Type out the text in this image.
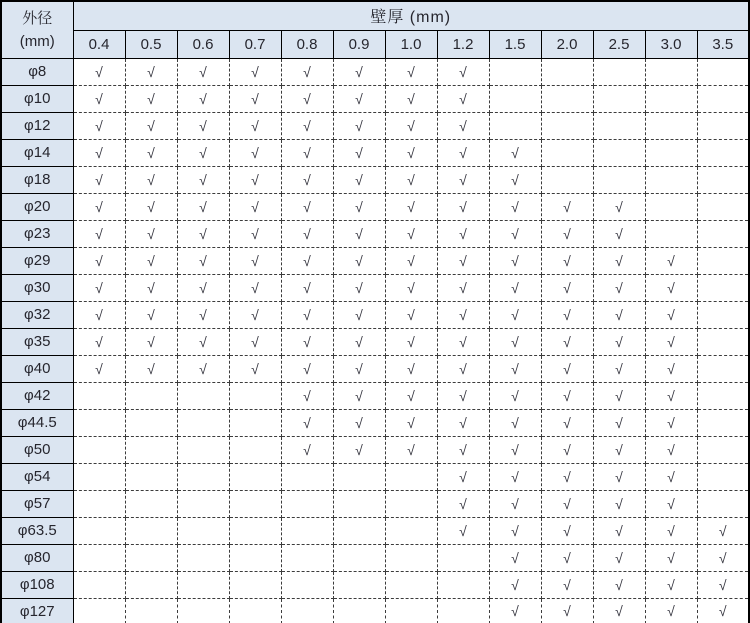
外径
(mm)	壁厚 (mm)												
	0.4	0.5	0.6	0.7	0.8	0.9	1.0	1.2	1.5	2.0	2.5	3.0	3.5
φ8	√	√	√	√	√	√	√	√					
φ10	√	√	√	√	√	√	√	√					
φ12	√	√	√	√	√	√	√	√					
φ14	√	√	√	√	√	√	√	√	√				
φ18	√	√	√	√	√	√	√	√	√				
φ20	√	√	√	√	√	√	√	√	√	√	√		
φ23	√	√	√	√	√	√	√	√	√	√	√		
φ29	√	√	√	√	√	√	√	√	√	√	√	√	
φ30	√	√	√	√	√	√	√	√	√	√	√	√	
φ32	√	√	√	√	√	√	√	√	√	√	√	√	
φ35	√	√	√	√	√	√	√	√	√	√	√	√	
φ40	√	√	√	√	√	√	√	√	√	√	√	√	
φ42					√	√	√	√	√	√	√	√	
φ44.5					√	√	√	√	√	√	√	√	
φ50					√	√	√	√	√	√	√	√	
φ54								√	√	√	√	√	
φ57								√	√	√	√	√	
φ63.5								√	√	√	√	√	√
φ80									√	√	√	√	√
φ108									√	√	√	√	√
φ127									√	√	√	√	√
